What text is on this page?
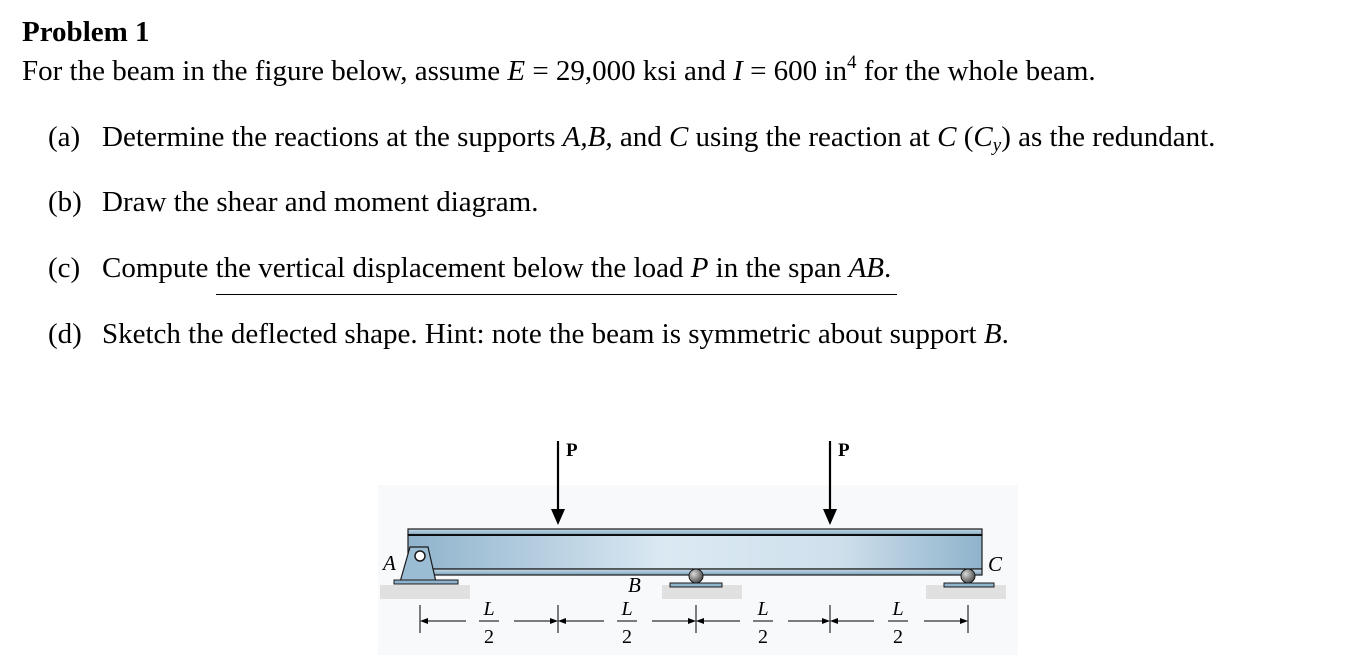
Problem 1
For the beam in the figure below, assume E = 29,000 ksi and I = 600 $in^4$ for the whole beam.
(a) Determine the reactions at the supports A,B, and C using the reaction at C $(C_y)$ as the redundant.
(b) Draw the shear and moment diagram.
(c) Compute the vertical displacement below the load P in the span AB.
(d) Sketch the deflected shape. Hint: note the beam is symmetric about support B.
P	P
A
B
C
L
2
L
2
L
2
L
2
